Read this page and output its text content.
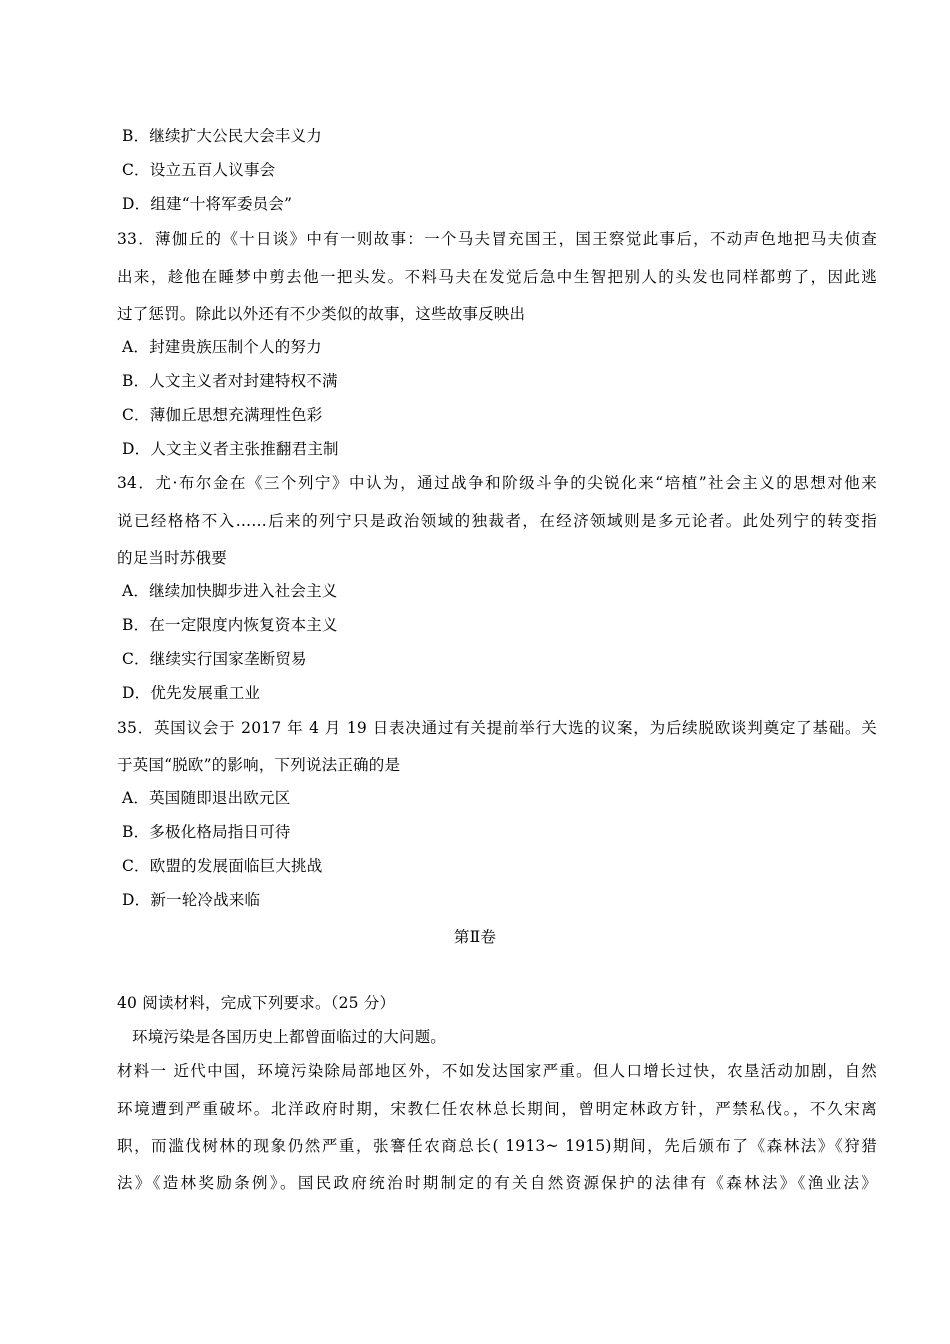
B．继续扩大公民大会丰义力
C．设立五百人议事会
D．组建“十将军委员会”
33．薄伽丘的《十日谈》中有一则故事：一个马夫冒充国王，国王察觉此事后，不动声色地把马夫侦查
出来，趁他在睡梦中剪去他一把头发。不料马夫在发觉后急中生智把别人的头发也同样都剪了，因此逃
过了惩罚。除此以外还有不少类似的故事，这些故事反映出
A．封建贵族压制个人的努力
B．人文主义者对封建特权不满
C．薄伽丘思想充满理性色彩
D．人文主义者主张推翻君主制
34．尤·布尔金在《三个列宁》中认为，通过战争和阶级斗争的尖锐化来“培植”社会主义的思想对他来
说已经格格不入……后来的列宁只是政治领域的独裁者，在经济领域则是多元论者。此处列宁的转变指
的足当时苏俄要
A．继续加快脚步进入社会主义
B．在一定限度内恢复资本主义
C．继续实行国家垄断贸易
D．优先发展重工业
35．英国议会于 2017 年 4 月 19 日表决通过有关提前举行大选的议案，为后续脱欧谈判奠定了基础。关
于英国“脱欧”的影响，下列说法正确的是
A．英国随即退出欧元区
B．多极化格局指日可待
C．欧盟的发展面临巨大挑战
D．新一轮冷战来临
第Ⅱ卷
40 阅读材料，完成下列要求。（25 分）
环境污染是各国历史上都曾面临过的大问题。
材料一 近代中国，环境污染除局部地区外，不如发达国家严重。但人口增长过快，农垦活动加剧，自然
环境遭到严重破坏。北洋政府时期，宋教仁任农林总长期间，曾明定林政方针，严禁私伐。，不久宋离
职，而滥伐树林的现象仍然严重，张謇任农商总长( 1913~ 1915)期间，先后颁布了《森林法》《狩猎
法》《造林奖励条例》。国民政府统治时期制定的有关自然资源保护的法律有《森林法》《渔业法》
